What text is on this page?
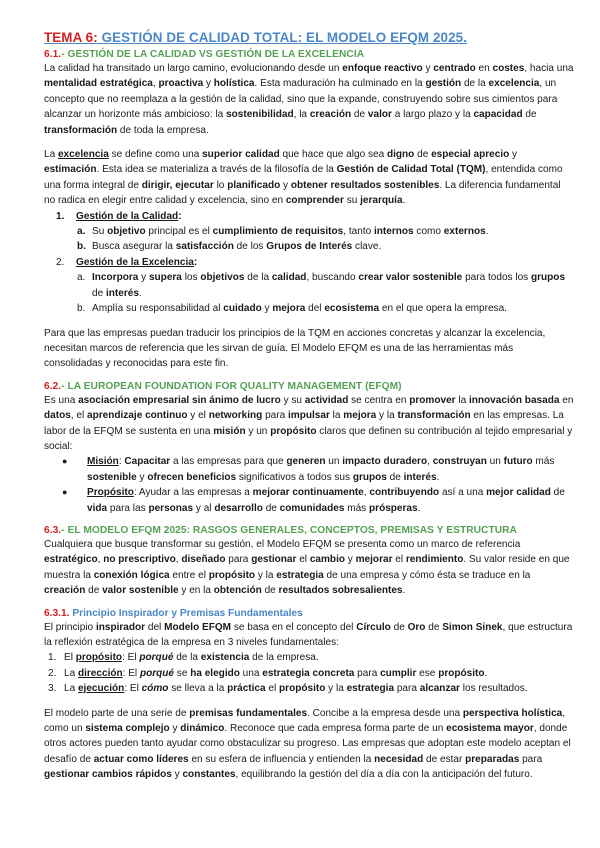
TEMA 6: GESTIÓN DE CALIDAD TOTAL: EL MODELO EFQM 2025.
6.1.- GESTIÓN DE LA CALIDAD VS GESTIÓN DE LA EXCELENCIA

La calidad ha transitado un largo camino, evolucionando desde un enfoque reactivo y centrado en costes, hacia una mentalidad estratégica, proactiva y holística. Esta maduración ha culminado en la gestión de la excelencia, un concepto que no reemplaza a la gestión de la calidad, sino que la expande, construyendo sobre sus cimientos para alcanzar un horizonte más ambicioso: la sostenibilidad, la creación de valor a largo plazo y la capacidad de transformación de toda la empresa.

La excelencia se define como una superior calidad que hace que algo sea digno de especial aprecio y estimación. Esta idea se materializa a través de la filosofía de la Gestión de Calidad Total (TQM), entendida como una forma integral de dirigir, ejecutar lo planificado y obtener resultados sostenibles. La diferencia fundamental no radica en elegir entre calidad y excelencia, sino en comprender su jerarquía.

1. Gestión de la Calidad:
a. Su objetivo principal es el cumplimiento de requisitos, tanto internos como externos.
b. Busca asegurar la satisfacción de los Grupos de Interés clave.
2. Gestión de la Excelencia:
a. Incorpora y supera los objetivos de la calidad, buscando crear valor sostenible para todos los grupos de interés.
b. Amplía su responsabilidad al cuidado y mejora del ecosistema en el que opera la empresa.

Para que las empresas puedan traducir los principios de la TQM en acciones concretas y alcanzar la excelencia, necesitan marcos de referencia que les sirvan de guía. El Modelo EFQM es una de las herramientas más consolidadas y reconocidas para este fin.

6.2.- LA EUROPEAN FOUNDATION FOR QUALITY MANAGEMENT (EFQM)

Es una asociación empresarial sin ánimo de lucro y su actividad se centra en promover la innovación basada en datos, el aprendizaje continuo y el networking para impulsar la mejora y la transformación en las empresas. La labor de la EFQM se sustenta en una misión y un propósito claros que definen su contribución al tejido empresarial y social:

● Misión: Capacitar a las empresas para que generen un impacto duradero, construyan un futuro más sostenible y ofrecen beneficios significativos a todos sus grupos de interés.
● Propósito: Ayudar a las empresas a mejorar continuamente, contribuyendo así a una mejor calidad de vida para las personas y al desarrollo de comunidades más prósperas.
6.3.- EL MODELO EFQM 2025: RASGOS GENERALES, CONCEPTOS, PREMISAS Y ESTRUCTURA

Cualquiera que busque transformar su gestión, el Modelo EFQM se presenta como un marco de referencia estratégico, no prescriptivo, diseñado para gestionar el cambio y mejorar el rendimiento. Su valor reside en que muestra la conexión lógica entre el propósito y la estrategia de una empresa y cómo ésta se traduce en la creación de valor sostenible y en la obtención de resultados sobresalientes.

6.3.1. Principio Inspirador y Premisas Fundamentales

El principio inspirador del Modelo EFQM se basa en el concepto del Círculo de Oro de Simon Sinek, que estructura la reflexión estratégica de la empresa en 3 niveles fundamentales:

1. El propósito: El porqué de la existencia de la empresa.
2. La dirección: El porqué se ha elegido una estrategia concreta para cumplir ese propósito.
3. La ejecución: El cómo se lleva a la práctica el propósito y la estrategia para alcanzar los resultados.

El modelo parte de una serie de premisas fundamentales. Concibe a la empresa desde una perspectiva holística, como un sistema complejo y dinámico. Reconoce que cada empresa forma parte de un ecosistema mayor, donde otros actores pueden tanto ayudar como obstaculizar su progreso. Las empresas que adoptan este modelo aceptan el desafío de actuar como líderes en su esfera de influencia y entienden la necesidad de estar preparadas para gestionar cambios rápidos y constantes, equilibrando la gestión del día a día con la anticipación del futuro.
